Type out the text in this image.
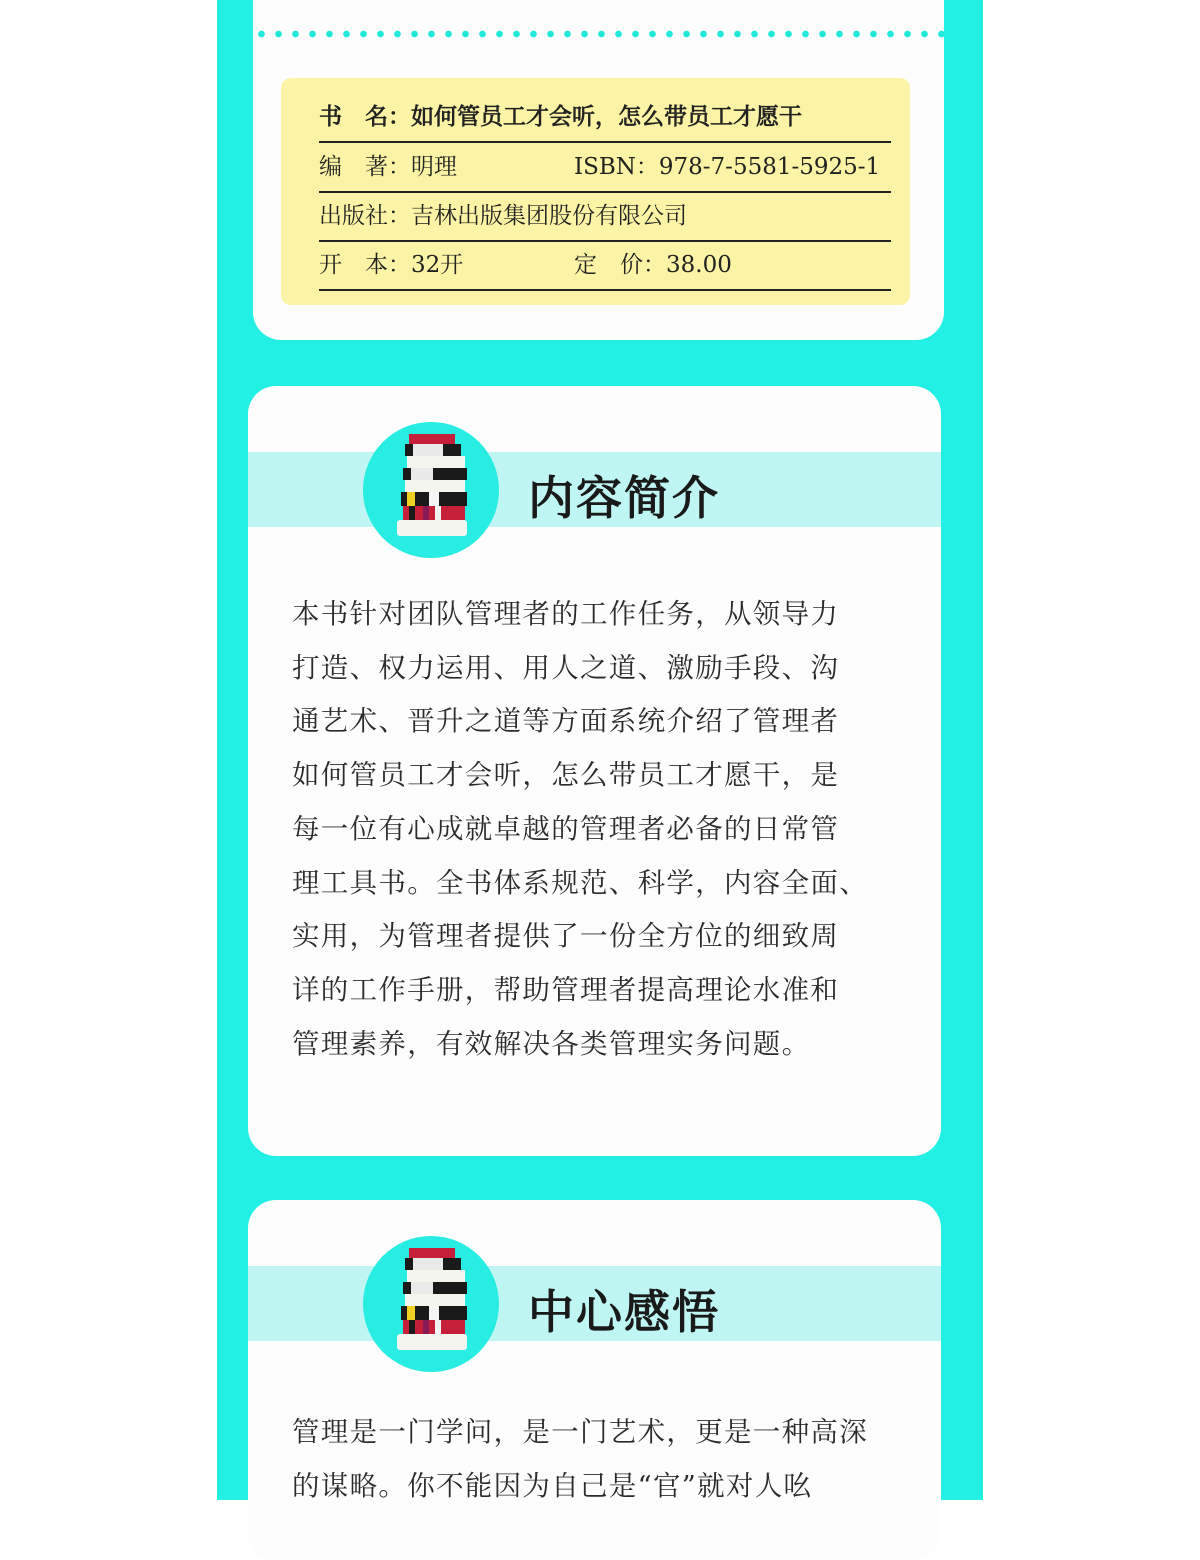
书　名：如何管员工才会听，怎么带员工才愿干
编　著：明理	ISBN：978-7-5581-5925-1
出版社：吉林出版集团股份有限公司
开　本：32开	定　价：38.00
内容简介
本书针对团队管理者的工作任务，从领导力
打造、权力运用、用人之道、激励手段、沟
通艺术、晋升之道等方面系统介绍了管理者
如何管员工才会听，怎么带员工才愿干，是
每一位有心成就卓越的管理者必备的日常管
理工具书。全书体系规范、科学，内容全面、
实用，为管理者提供了一份全方位的细致周
详的工作手册，帮助管理者提高理论水准和
管理素养，有效解决各类管理实务问题。
中心感悟
管理是一门学问，是一门艺术，更是一种高深
的谋略。你不能因为自己是“官”就对人吆
